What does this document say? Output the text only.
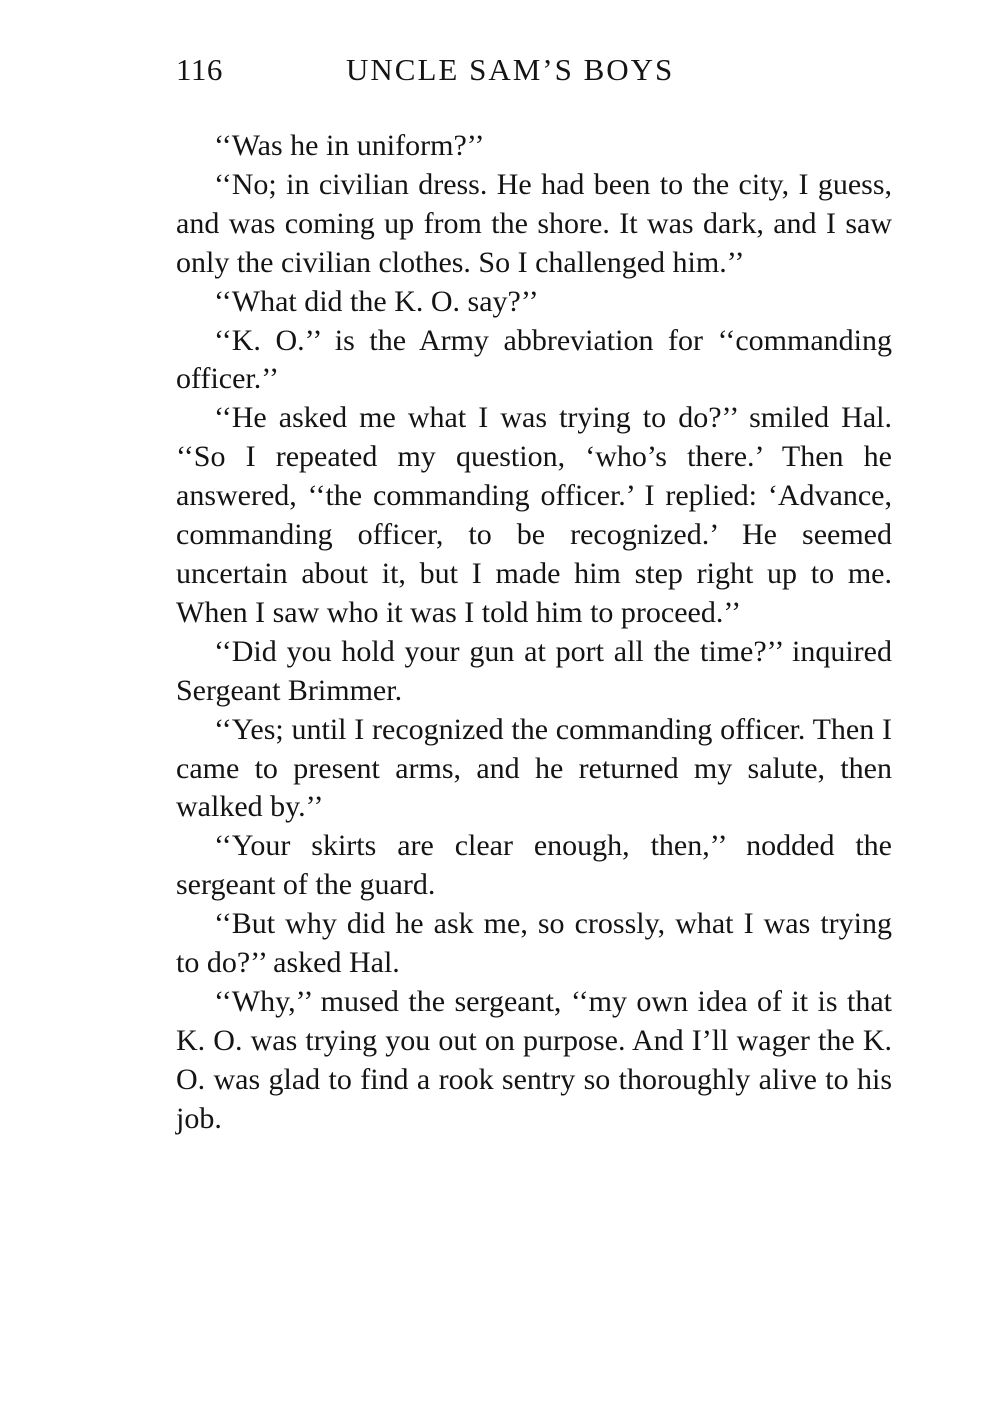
116	UNCLE SAM’S BOYS

‘‘Was he in uniform?’’

‘‘No; in civilian dress. He had been to the city, I guess, and was coming up from the shore. It was dark, and I saw only the civilian clothes. So I challenged him.’’

‘‘What did the K. O. say?’’

‘‘K. O.’’ is the Army abbreviation for ‘‘commanding officer.’’

‘‘He asked me what I was trying to do?’’ smiled Hal. ‘‘So I repeated my question, ‘who’s there.’ Then he answered, ‘‘the commanding officer.’ I replied: ‘Advance, commanding officer, to be recognized.’ He seemed uncertain about it, but I made him step right up to me. When I saw who it was I told him to proceed.’’

‘‘Did you hold your gun at port all the time?’’ inquired Sergeant Brimmer.

‘‘Yes; until I recognized the commanding officer. Then I came to present arms, and he returned my salute, then walked by.’’

‘‘Your skirts are clear enough, then,’’ nodded the sergeant of the guard.

‘‘But why did he ask me, so crossly, what I was trying to do?’’ asked Hal.

‘‘Why,’’ mused the sergeant, ‘‘my own idea of it is that K. O. was trying you out on purpose. And I’ll wager the K. O. was glad to find a rook sentry so thoroughly alive to his job.
